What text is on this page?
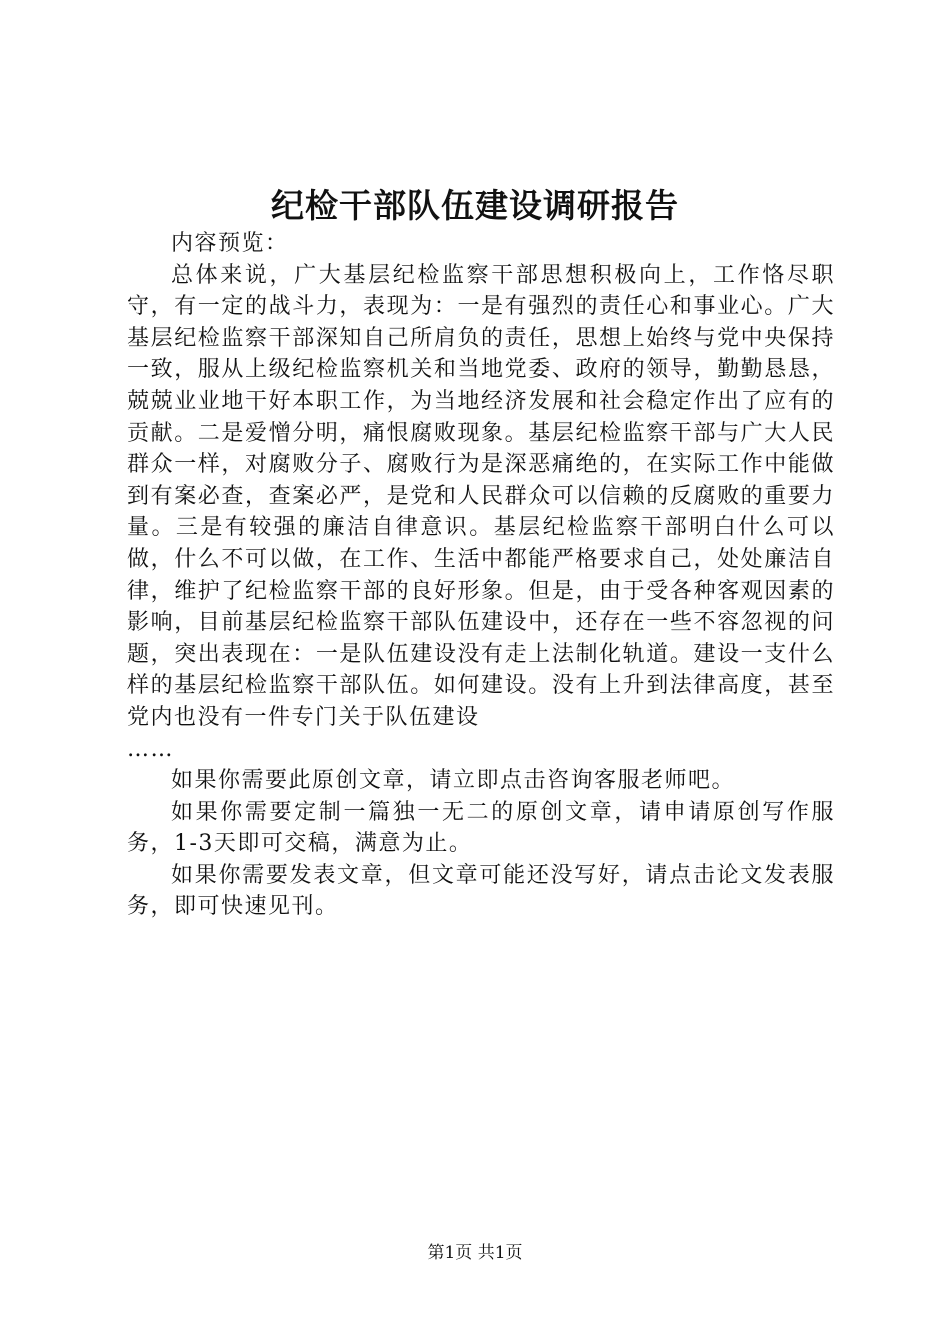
纪检干部队伍建设调研报告

内容预览：

总体来说，广大基层纪检监察干部思想积极向上，工作恪尽职守，有一定的战斗力，表现为：一是有强烈的责任心和事业心。广大基层纪检监察干部深知自己所肩负的责任，思想上始终与党中央保持一致，服从上级纪检监察机关和当地党委、政府的领导，勤勤恳恳，兢兢业业地干好本职工作，为当地经济发展和社会稳定作出了应有的贡献。二是爱憎分明，痛恨腐败现象。基层纪检监察干部与广大人民群众一样，对腐败分子、腐败行为是深恶痛绝的，在实际工作中能做到有案必查，查案必严，是党和人民群众可以信赖的反腐败的重要力量。三是有较强的廉洁自律意识。基层纪检监察干部明白什么可以做，什么不可以做，在工作、生活中都能严格要求自己，处处廉洁自律，维护了纪检监察干部的良好形象。但是，由于受各种客观因素的影响，目前基层纪检监察干部队伍建设中，还存在一些不容忽视的问题，突出表现在：一是队伍建设没有走上法制化轨道。建设一支什么样的基层纪检监察干部队伍。如何建设。没有上升到法律高度，甚至党内也没有一件专门关于队伍建设

……

如果你需要此原创文章，请立即点击咨询客服老师吧。

如果你需要定制一篇独一无二的原创文章，请申请原创写作服务，1-3天即可交稿，满意为止。

如果你需要发表文章，但文章可能还没写好，请点击论文发表服务，即可快速见刊。

第1页 共1页
